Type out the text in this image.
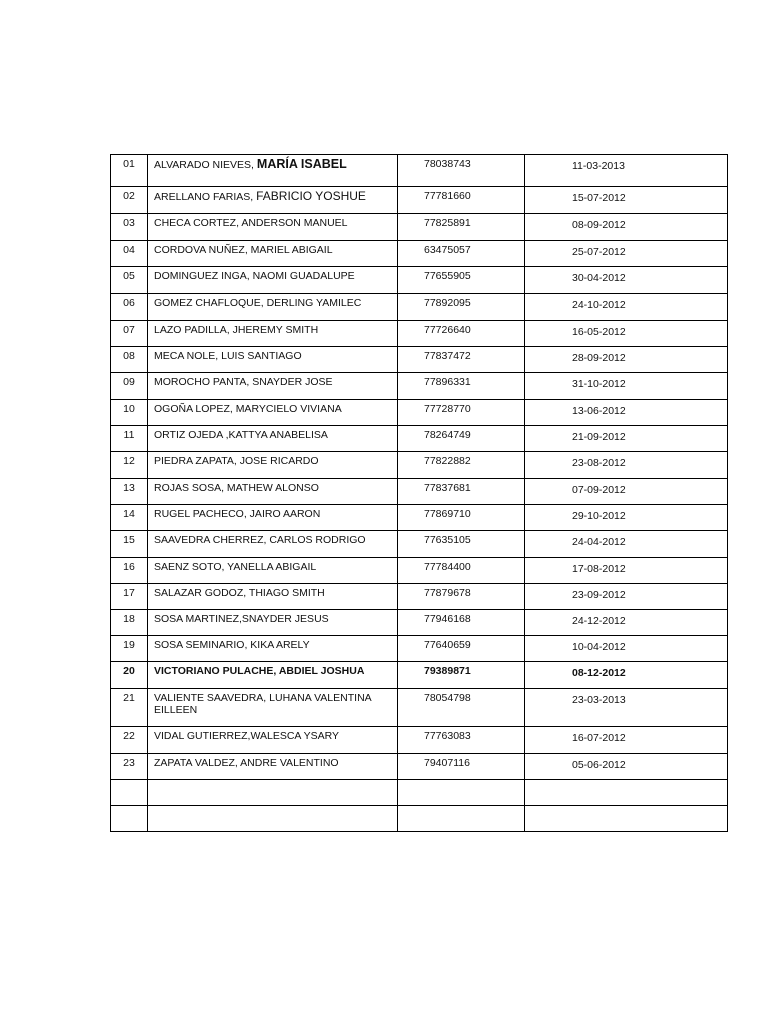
01	ALVARADO NIEVES, MARÍA ISABEL	78038743	11-03-2013
02	ARELLANO FARIAS, FABRICIO YOSHUE	77781660	15-07-2012
03	CHECA CORTEZ, ANDERSON MANUEL	77825891	08-09-2012
04	CORDOVA NUÑEZ, MARIEL ABIGAIL	63475057	25-07-2012
05	DOMINGUEZ INGA, NAOMI GUADALUPE	77655905	30-04-2012
06	GOMEZ CHAFLOQUE, DERLING YAMILEC	77892095	24-10-2012
07	LAZO PADILLA, JHEREMY SMITH	77726640	16-05-2012
08	MECA NOLE, LUIS SANTIAGO	77837472	28-09-2012
09	MOROCHO PANTA, SNAYDER JOSE	77896331	31-10-2012
10	OGOÑA LOPEZ, MARYCIELO VIVIANA	77728770	13-06-2012
11	ORTIZ OJEDA ,KATTYA ANABELISA	78264749	21-09-2012
12	PIEDRA ZAPATA, JOSE RICARDO	77822882	23-08-2012
13	ROJAS SOSA, MATHEW ALONSO	77837681	07-09-2012
14	RUGEL PACHECO, JAIRO AARON	77869710	29-10-2012
15	SAAVEDRA CHERREZ, CARLOS RODRIGO	77635105	24-04-2012
16	SAENZ SOTO, YANELLA ABIGAIL	77784400	17-08-2012
17	SALAZAR GODOZ, THIAGO SMITH	77879678	23-09-2012
18	SOSA MARTINEZ,SNAYDER JESUS	77946168	24-12-2012
19	SOSA SEMINARIO, KIKA ARELY	77640659	10-04-2012
20	VICTORIANO PULACHE, ABDIEL JOSHUA	79389871	08-12-2012
21	VALIENTE SAAVEDRA, LUHANA VALENTINA EILLEEN	78054798	23-03-2013
22	VIDAL GUTIERREZ,WALESCA YSARY	77763083	16-07-2012
23	ZAPATA VALDEZ, ANDRE VALENTINO	79407116	05-06-2012
